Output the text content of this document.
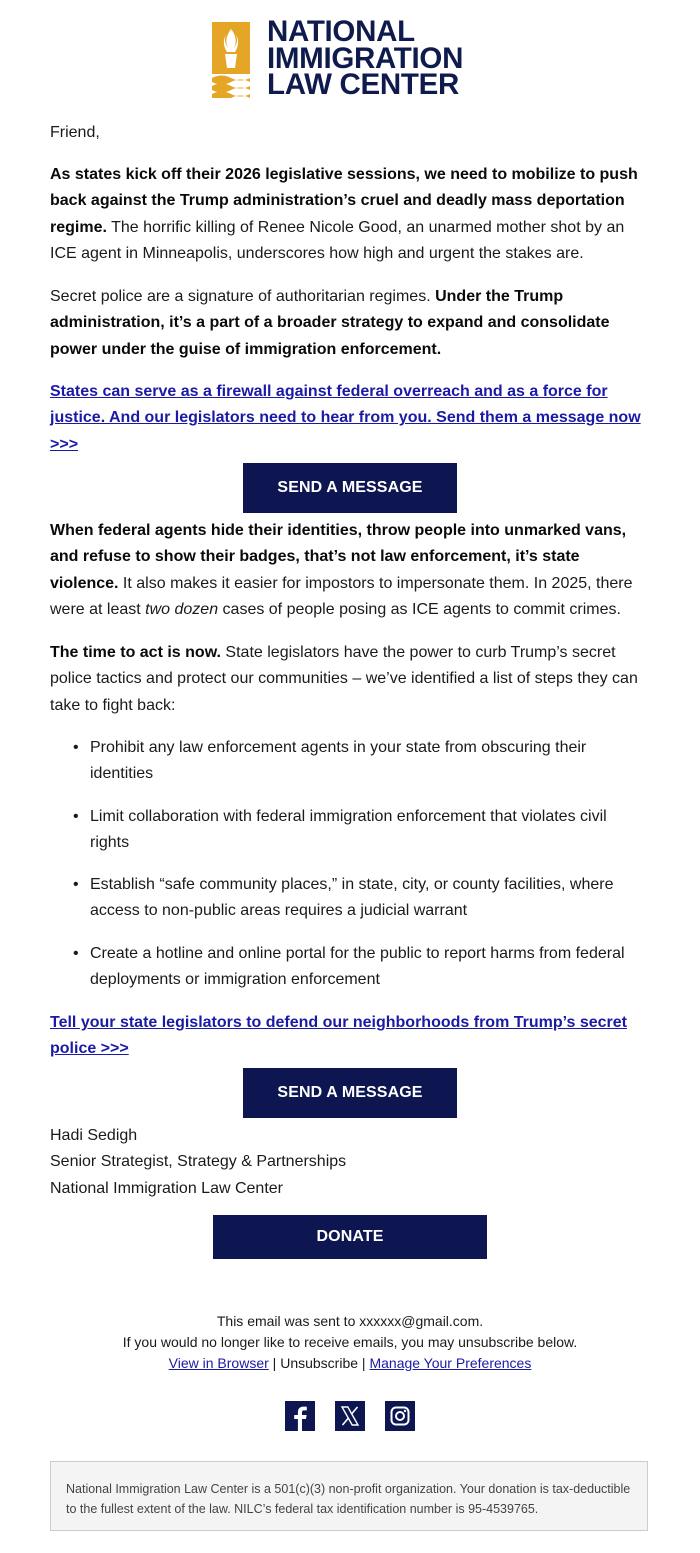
NATIONAL
IMMIGRATION
LAW CENTER

Friend,

As states kick off their 2026 legislative sessions, we need to mobilize to push back against the Trump administration’s cruel and deadly mass deportation regime. The horrific killing of Renee Nicole Good, an unarmed mother shot by an ICE agent in Minneapolis, underscores how high and urgent the stakes are.

Secret police are a signature of authoritarian regimes. Under the Trump administration, it’s a part of a broader strategy to expand and consolidate power under the guise of immigration enforcement.

States can serve as a firewall against federal overreach and as a force for justice. And our legislators need to hear from you. Send them a message now >>>

SEND A MESSAGE

When federal agents hide their identities, throw people into unmarked vans, and refuse to show their badges, that’s not law enforcement, it’s state violence. It also makes it easier for impostors to impersonate them. In 2025, there were at least two dozen cases of people posing as ICE agents to commit crimes.

The time to act is now. State legislators have the power to curb Trump’s secret police tactics and protect our communities – we’ve identified a list of steps they can take to fight back:

• Prohibit any law enforcement agents in your state from obscuring their identities
• Limit collaboration with federal immigration enforcement that violates civil rights
• Establish “safe community places,” in state, city, or county facilities, where access to non-public areas requires a judicial warrant
• Create a hotline and online portal for the public to report harms from federal deployments or immigration enforcement

Tell your state legislators to defend our neighborhoods from Trump’s secret police >>>

SEND A MESSAGE
Hadi Sedigh
Senior Strategist, Strategy & Partnerships
National Immigration Law Center
DONATE
This email was sent to xxxxxx@gmail.com.
If you would no longer like to receive emails, you may unsubscribe below.
View in Browser | Unsubscribe | Manage Your Preferences
National Immigration Law Center is a 501(c)(3) non-profit organization. Your donation is tax-deductible to the fullest extent of the law. NILC’s federal tax identification number is 95-4539765.
